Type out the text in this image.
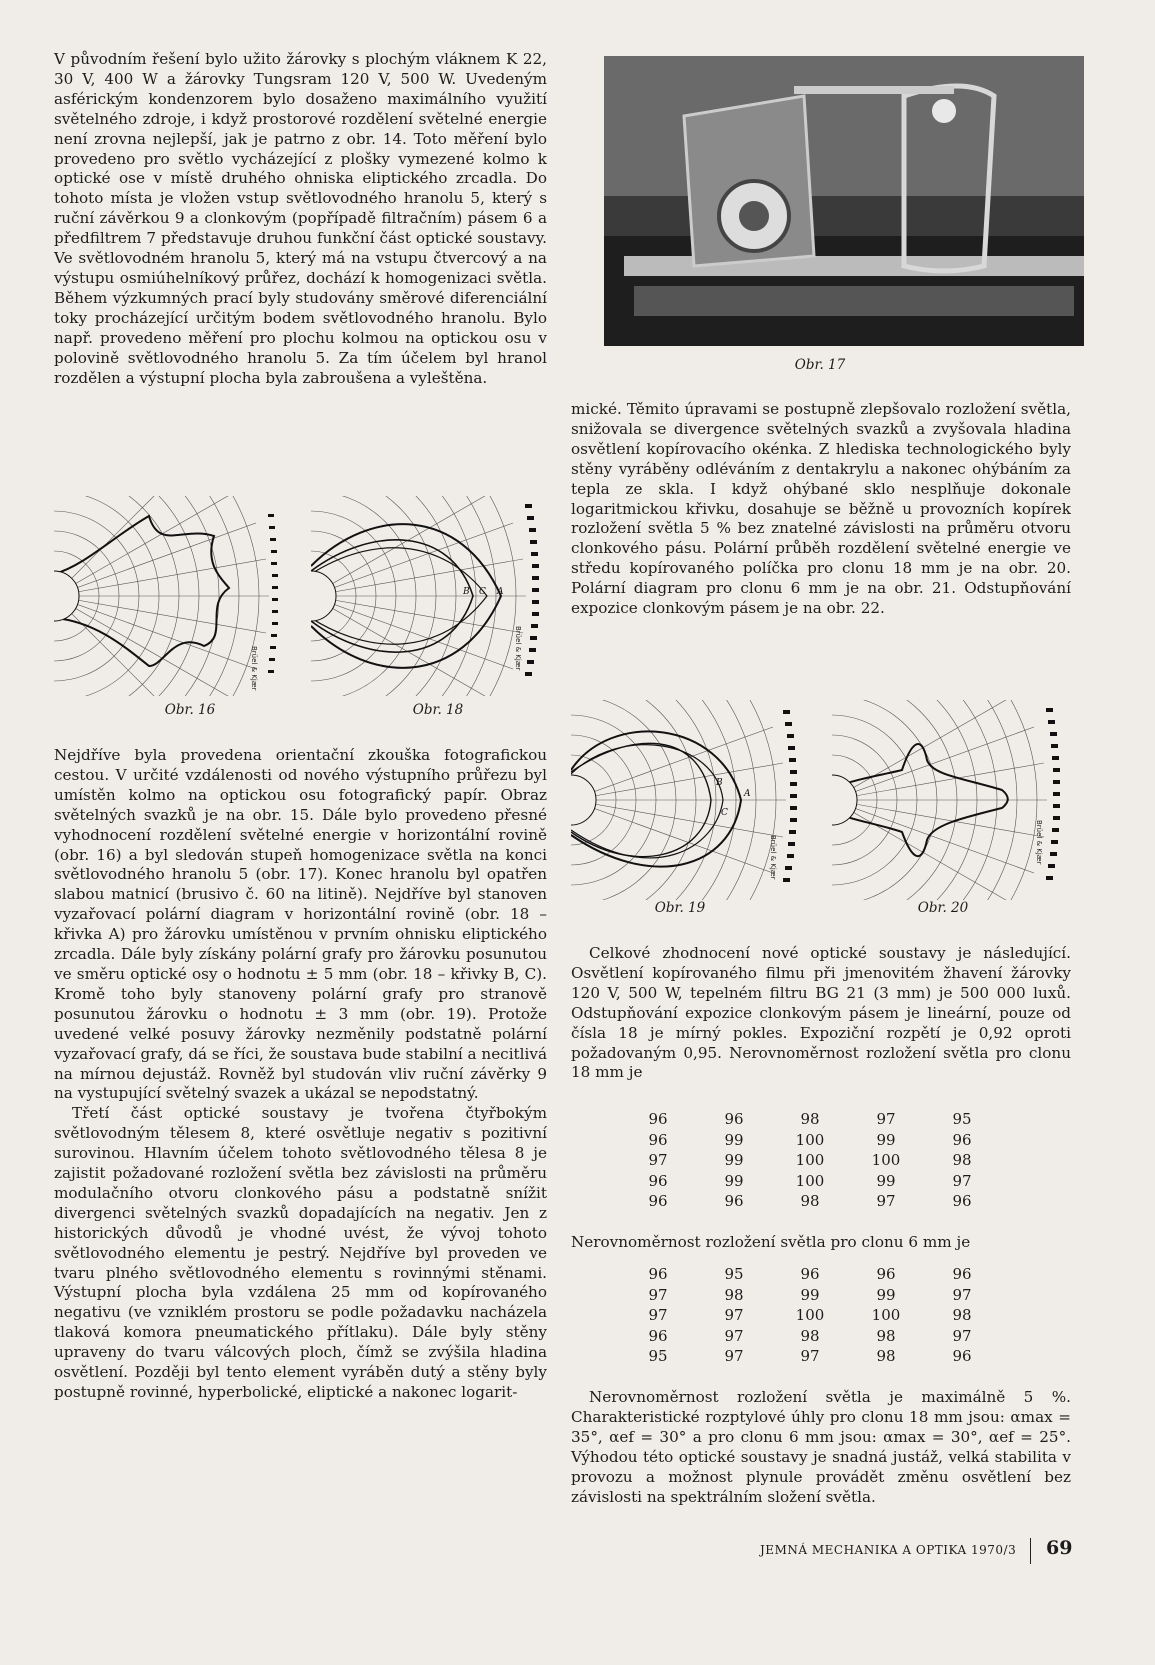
V původním řešení bylo užito žárovky s plochým vláknem K 22, 30 V, 400 W a žárovky Tungsram 120 V, 500 W. Uvedeným asférickým kondenzorem bylo dosaženo maximálního využití světelného zdroje, i když prostorové rozdělení světelné energie není zrovna nejlepší, jak je patrno z obr. 14. Toto měření bylo provedeno pro světlo vycházející z plošky vymezené kolmo k optické ose v místě druhého ohniska eliptického zrcadla. Do tohoto místa je vložen vstup světlovodného hranolu 5, který s ruční závěrkou 9 a clonkovým (popřípadě filtračním) pásem 6 a předfiltrem 7 představuje druhou funkční část optické soustavy. Ve světlovodném hranolu 5, který má na vstupu čtvercový a na výstupu osmiúhelníkový průřez, dochází k homogenizaci světla. Během výzkumných prací byly studovány směrové diferenciální toky procházející určitým bodem světlovodného hranolu. Bylo např. provedeno měření pro plochu kolmou na optickou osu v polovině světlovodného hranolu 5. Za tím účelem byl hranol rozdělen a výstupní plocha byla zabroušena a vyleštěna.

Brüel & Kjær
Obr. 16
B C A
Brüel & Kjær
Obr. 18

Nejdříve byla provedena orientační zkouška fotografickou cestou. V určité vzdálenosti od nového výstupního průřezu byl umístěn kolmo na optickou osu fotografický papír. Obraz světelných svazků je na obr. 15. Dále bylo provedeno přesné vyhodnocení rozdělení světelné energie v horizontální rovině (obr. 16) a byl sledován stupeň homogenizace světla na konci světlovodného hranolu 5 (obr. 17). Konec hranolu byl opatřen slabou matnicí (brusivo č. 60 na litině). Nejdříve byl stanoven vyzařovací polární diagram v horizontální rovině (obr. 18 – křivka A) pro žárovku umístěnou v prvním ohnisku eliptického zrcadla. Dále byly získány polární grafy pro žárovku posunutou ve směru optické osy o hodnotu ± 5 mm (obr. 18 – křivky B, C). Kromě toho byly stanoveny polární grafy pro stranově posunutou žárovku o hodnotu ± 3 mm (obr. 19). Protože uvedené velké posuvy žárovky nezměnily podstatně polární vyzařovací grafy, dá se říci, že soustava bude stabilní a necitlivá na mírnou dejustáž. Rovněž byl studován vliv ruční závěrky 9 na vystupující světelný svazek a ukázal se nepodstatný.

Třetí část optické soustavy je tvořena čtyřbokým světlovodným tělesem 8, které osvětluje negativ s pozitivní surovinou. Hlavním účelem tohoto světlovodného tělesa 8 je zajistit požadované rozložení světla bez závislosti na průměru modulačního otvoru clonkového pásu a podstatně snížit divergenci světelných svazků dopadajících na negativ. Jen z historických důvodů je vhodné uvést, že vývoj tohoto světlovodného elementu je pestrý. Nejdříve byl proveden ve tvaru plného světlovodného elementu s rovinnými stěnami. Výstupní plocha byla vzdálena 25 mm od kopírovaného negativu (ve vzniklém prostoru se podle požadavku nacházela tlaková komora pneumatického přítlaku). Dále byly stěny upraveny do tvaru válcových ploch, čímž se zvýšila hladina osvětlení. Později byl tento element vyráběn dutý a stěny byly postupně rovinné, hyperbolické, eliptické a nakonec logarit-

Obr. 17

mické. Těmito úpravami se postupně zlepšovalo rozložení světla, snižovala se divergence světelných svazků a zvyšovala hladina osvětlení kopírovacího okénka. Z hlediska technologického byly stěny vyráběny odléváním z dentakrylu a nakonec ohýbáním za tepla ze skla. I když ohýbané sklo nesplňuje dokonale logaritmickou křivku, dosahuje se běžně u provozních kopírek rozložení světla 5 % bez znatelné závislosti na průměru otvoru clonkového pásu. Polární průběh rozdělení světelné energie ve středu kopírovaného políčka pro clonu 18 mm je na obr. 20. Polární diagram pro clonu 6 mm je na obr. 21. Odstupňování expozice clonkovým pásem je na obr. 22.

B
A
C
Brüel & Kjær
Obr. 19
Brüel & Kjær
Obr. 20

Celkové zhodnocení nové optické soustavy je následující. Osvětlení kopírovaného filmu při jmenovitém žhavení žárovky 120 V, 500 W, tepelném filtru BG 21 (3 mm) je 500 000 luxů. Odstupňování expozice clonkovým pásem je lineární, pouze od čísla 18 je mírný pokles. Expoziční rozpětí je 0,92 oproti požadovaným 0,95. Nerovnoměrnost rozložení světla pro clonu 18 mm je

96	96	98	97	95
96	99	100	99	96
97	99	100	100	98
96	99	100	99	97
96	96	98	97	96

Nerovnoměrnost rozložení světla pro clonu 6 mm je

96	95	96	96	96
97	98	99	99	97
97	97	100	100	98
96	97	98	98	97
95	97	97	98	96

Nerovnoměrnost rozložení světla je maximálně 5 %. Charakteristické rozptylové úhly pro clonu 18 mm jsou: αmax = 35°, αef = 30° a pro clonu 6 mm jsou: αmax = 30°, αef = 25°. Výhodou této optické soustavy je snadná justáž, velká stabilita v provozu a možnost plynule provádět změnu osvětlení bez závislosti na spektrálním složení světla.

JEMNÁ MECHANIKA A OPTIKA 1970/3 69
